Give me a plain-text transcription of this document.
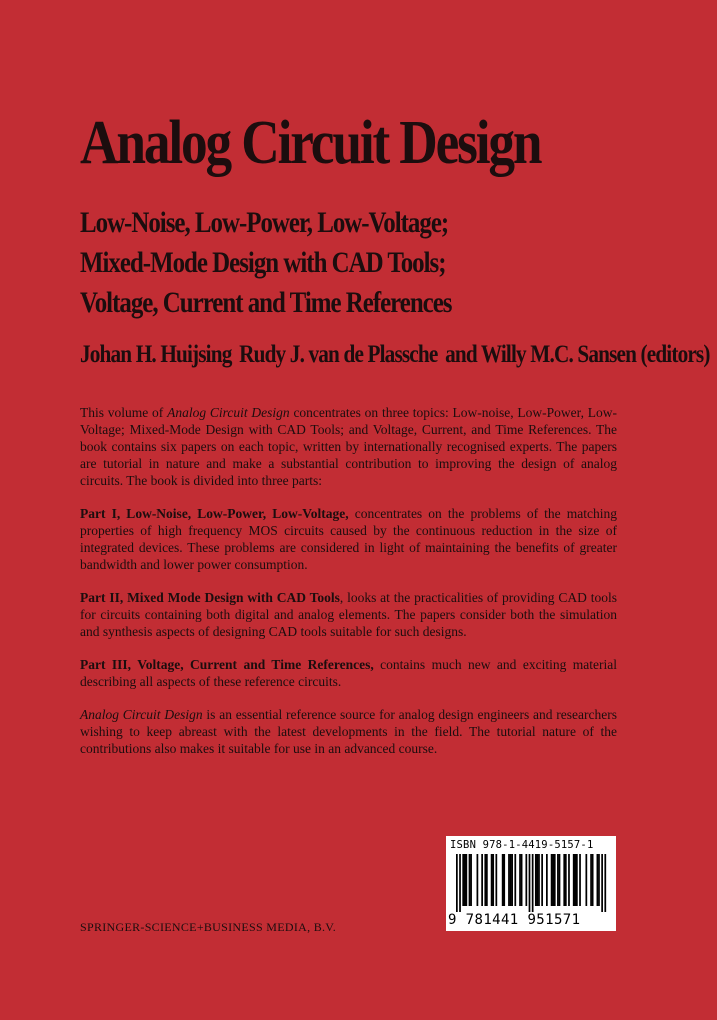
Analog Circuit Design
Low-Noise, Low-Power, Low-Voltage;
Mixed-Mode Design with CAD Tools;
Voltage, Current and Time References
Johan H. Huijsing Rudy J. van de Plassche and Willy M.C. Sansen (editors)

This volume of Analog Circuit Design concentrates on three topics: Low-noise, Low-Power, Low-Voltage; Mixed-Mode Design with CAD Tools; and Voltage, Current, and Time References. The book contains six papers on each topic, written by internationally recognised experts. The papers are tutorial in nature and make a substantial contribution to improving the design of analog circuits. The book is divided into three parts:

Part I, Low-Noise, Low-Power, Low-Voltage, concentrates on the problems of the matching properties of high frequency MOS circuits caused by the continuous reduction in the size of integrated devices. These problems are considered in light of maintaining the benefits of greater bandwidth and lower power consumption.

Part II, Mixed Mode Design with CAD Tools, looks at the practicalities of providing CAD tools for circuits containing both digital and analog elements. The papers consider both the simulation and synthesis aspects of designing CAD tools suitable for such designs.

Part III, Voltage, Current and Time References, contains much new and exciting material describing all aspects of these reference circuits.

Analog Circuit Design is an essential reference source for analog design engineers and researchers wishing to keep abreast with the latest developments in the field. The tutorial nature of the contributions also makes it suitable for use in an advanced course.

SPRINGER-SCIENCE+BUSINESS MEDIA, B.V.
ISBN 978-1-4419-5157-1
9 781441 951571
